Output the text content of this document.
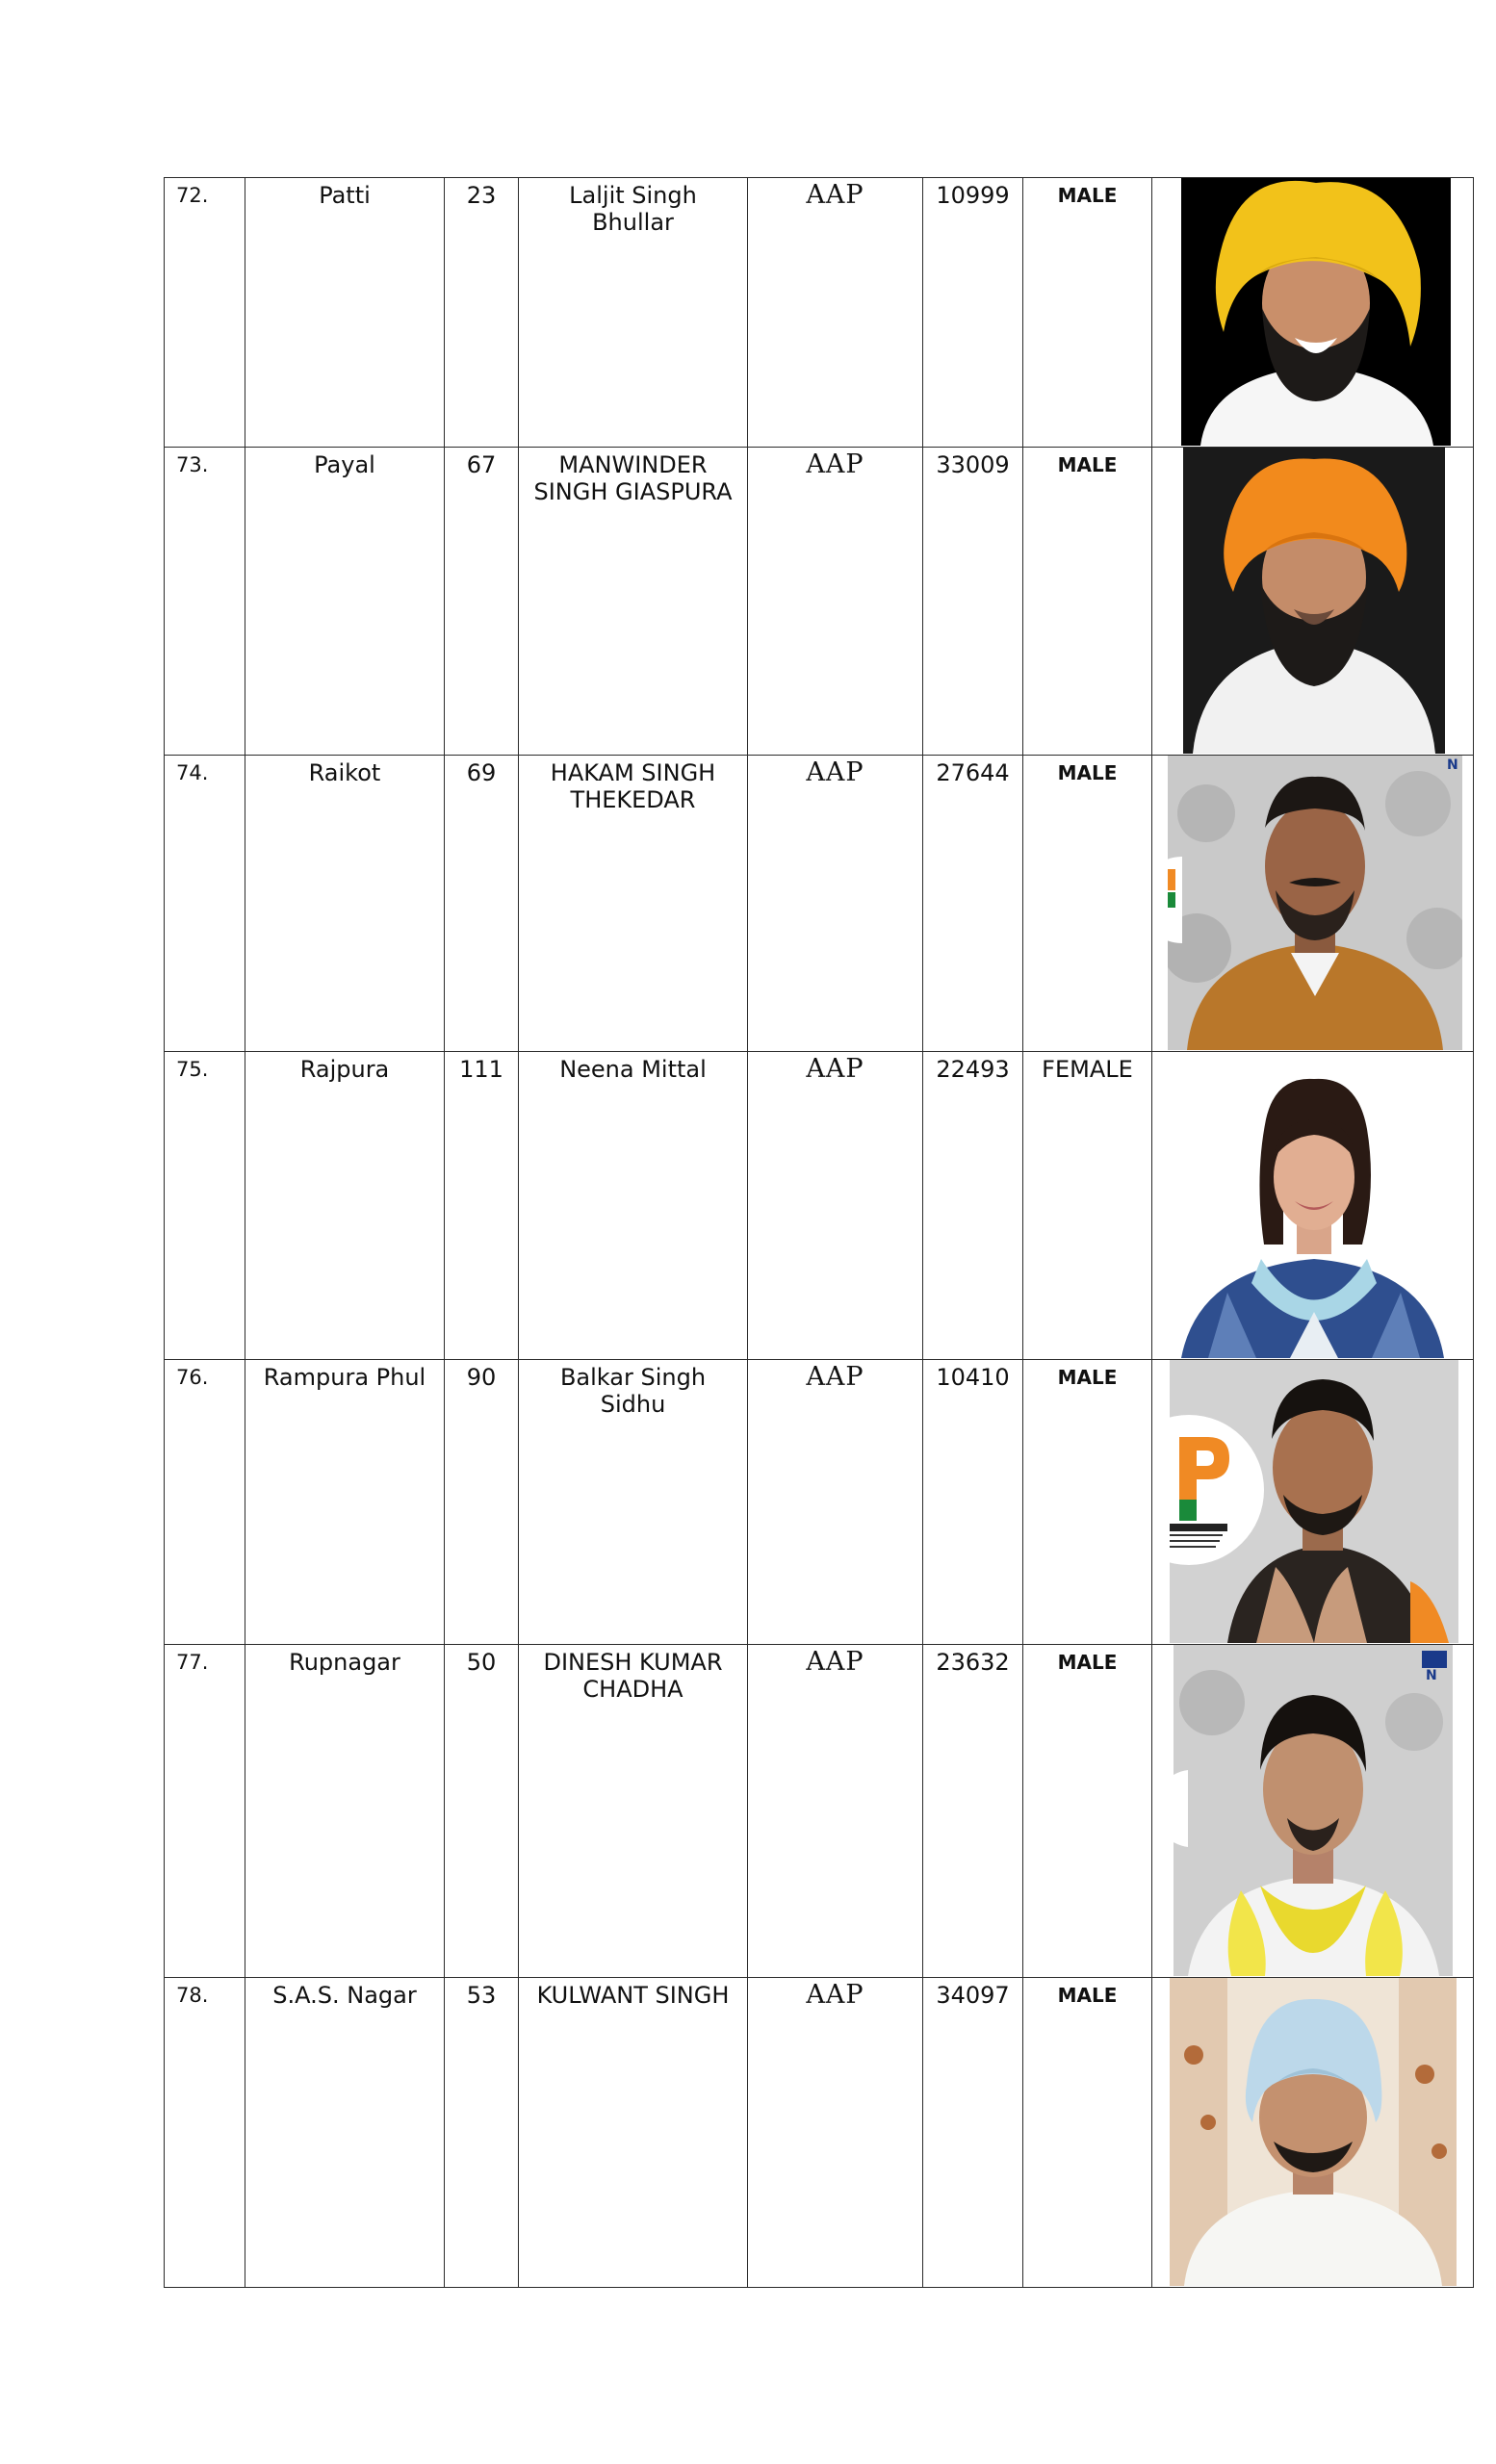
72.	Patti	23	Laljit Singh Bhullar	AAP	10999	MALE

73.	Payal	67	MANWINDER SINGH GIASPURA	AAP	33009	MALE

74.	Raikot	69	HAKAM SINGH THEKEDAR	AAP	27644	MALE	N

75.	Rajpura	111	Neena Mittal	AAP	22493	FEMALE

76.	Rampura Phul	90	Balkar Singh Sidhu	AAP	10410	MALE

77.	Rupnagar	50	DINESH KUMAR CHADHA	AAP	23632	MALE	N

78.	S.A.S. Nagar	53	KULWANT SINGH	AAP	34097	MALE
